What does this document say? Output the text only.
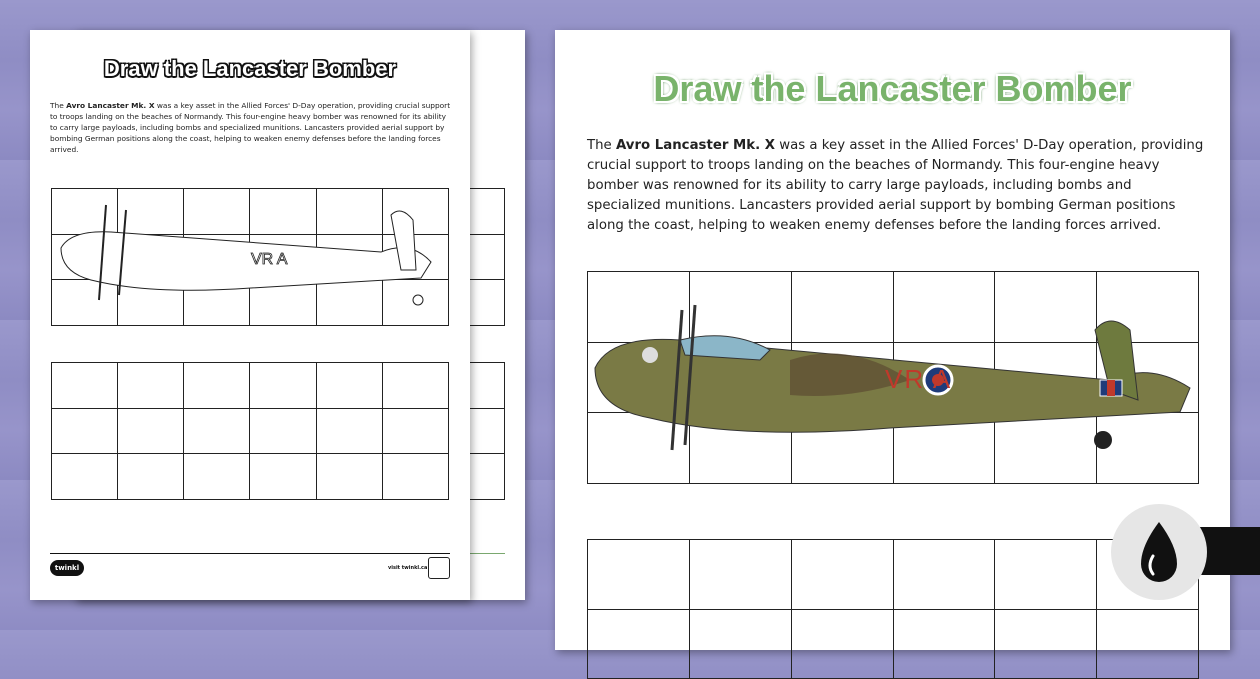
Draw the Lancaster Bomber

The Avro Lancaster Mk. X was a key asset in the Allied Forces' D-Day operation, providing crucial support to troops landing on the beaches of Normandy. This four-engine heavy bomber was renowned for its ability to carry large payloads, including bombs and specialized munitions. Lancasters provided aerial support by bombing German positions along the coast, helping to weaken enemy defenses before the landing forces arrived.

VR A
twinkl	visit twinkl.ca
Draw the Lancaster Bomber

The Avro Lancaster Mk. X was a key asset in the Allied Forces' D-Day operation, providing crucial support to troops landing on the beaches of Normandy. This four-engine heavy bomber was renowned for its ability to carry large payloads, including bombs and specialized munitions. Lancasters provided aerial support by bombing German positions along the coast, helping to weaken enemy defenses before the landing forces arrived.

VR A
